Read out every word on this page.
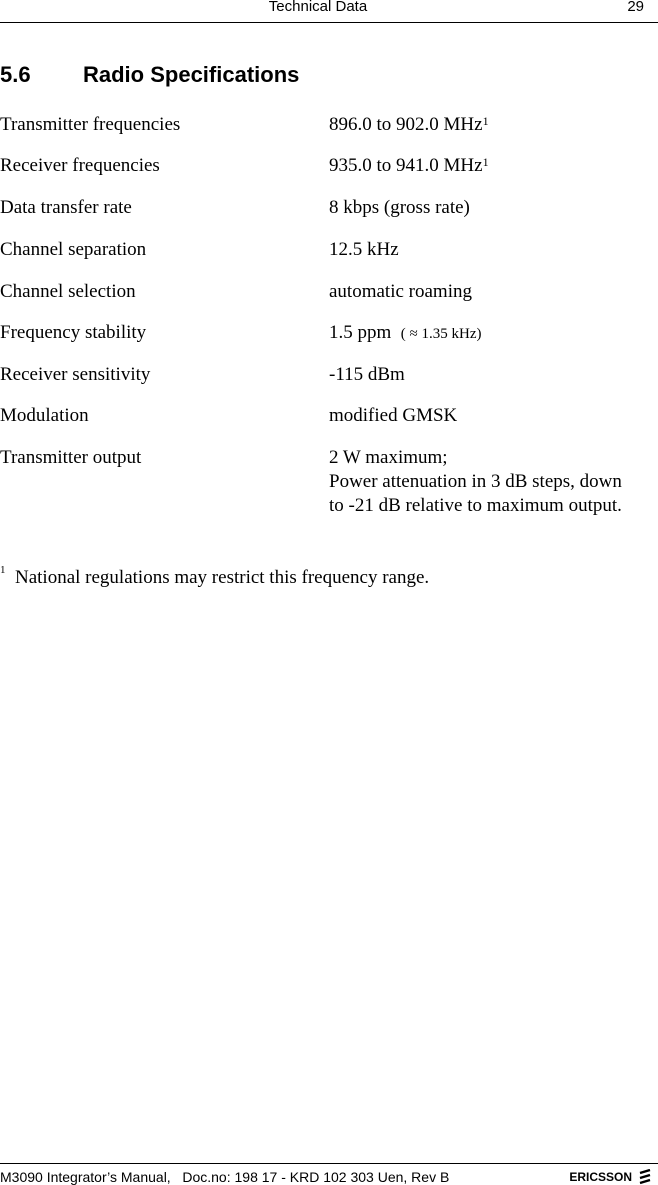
Technical Data	29
5.6 Radio Specifications
Transmitter frequencies	896.0 to 902.0 MHz$^1$
Receiver frequencies	935.0 to 941.0 MHz$^1$
Data transfer rate	8 kbps (gross rate)
Channel separation	12.5 kHz
Channel selection	automatic roaming
Frequency stability	1.5 ppm ( ≈ 1.35 kHz)
Receiver sensitivity	-115 dBm
Modulation	modified GMSK
Transmitter output	2 W maximum;
Power attenuation in 3 dB steps, down
to -21 dB relative to maximum output.
$^1$ National regulations may restrict this frequency range.
M3090 Integrator’s Manual,   Doc.no: 198 17 - KRD 102 303 Uen, Rev B	ERICSSON
